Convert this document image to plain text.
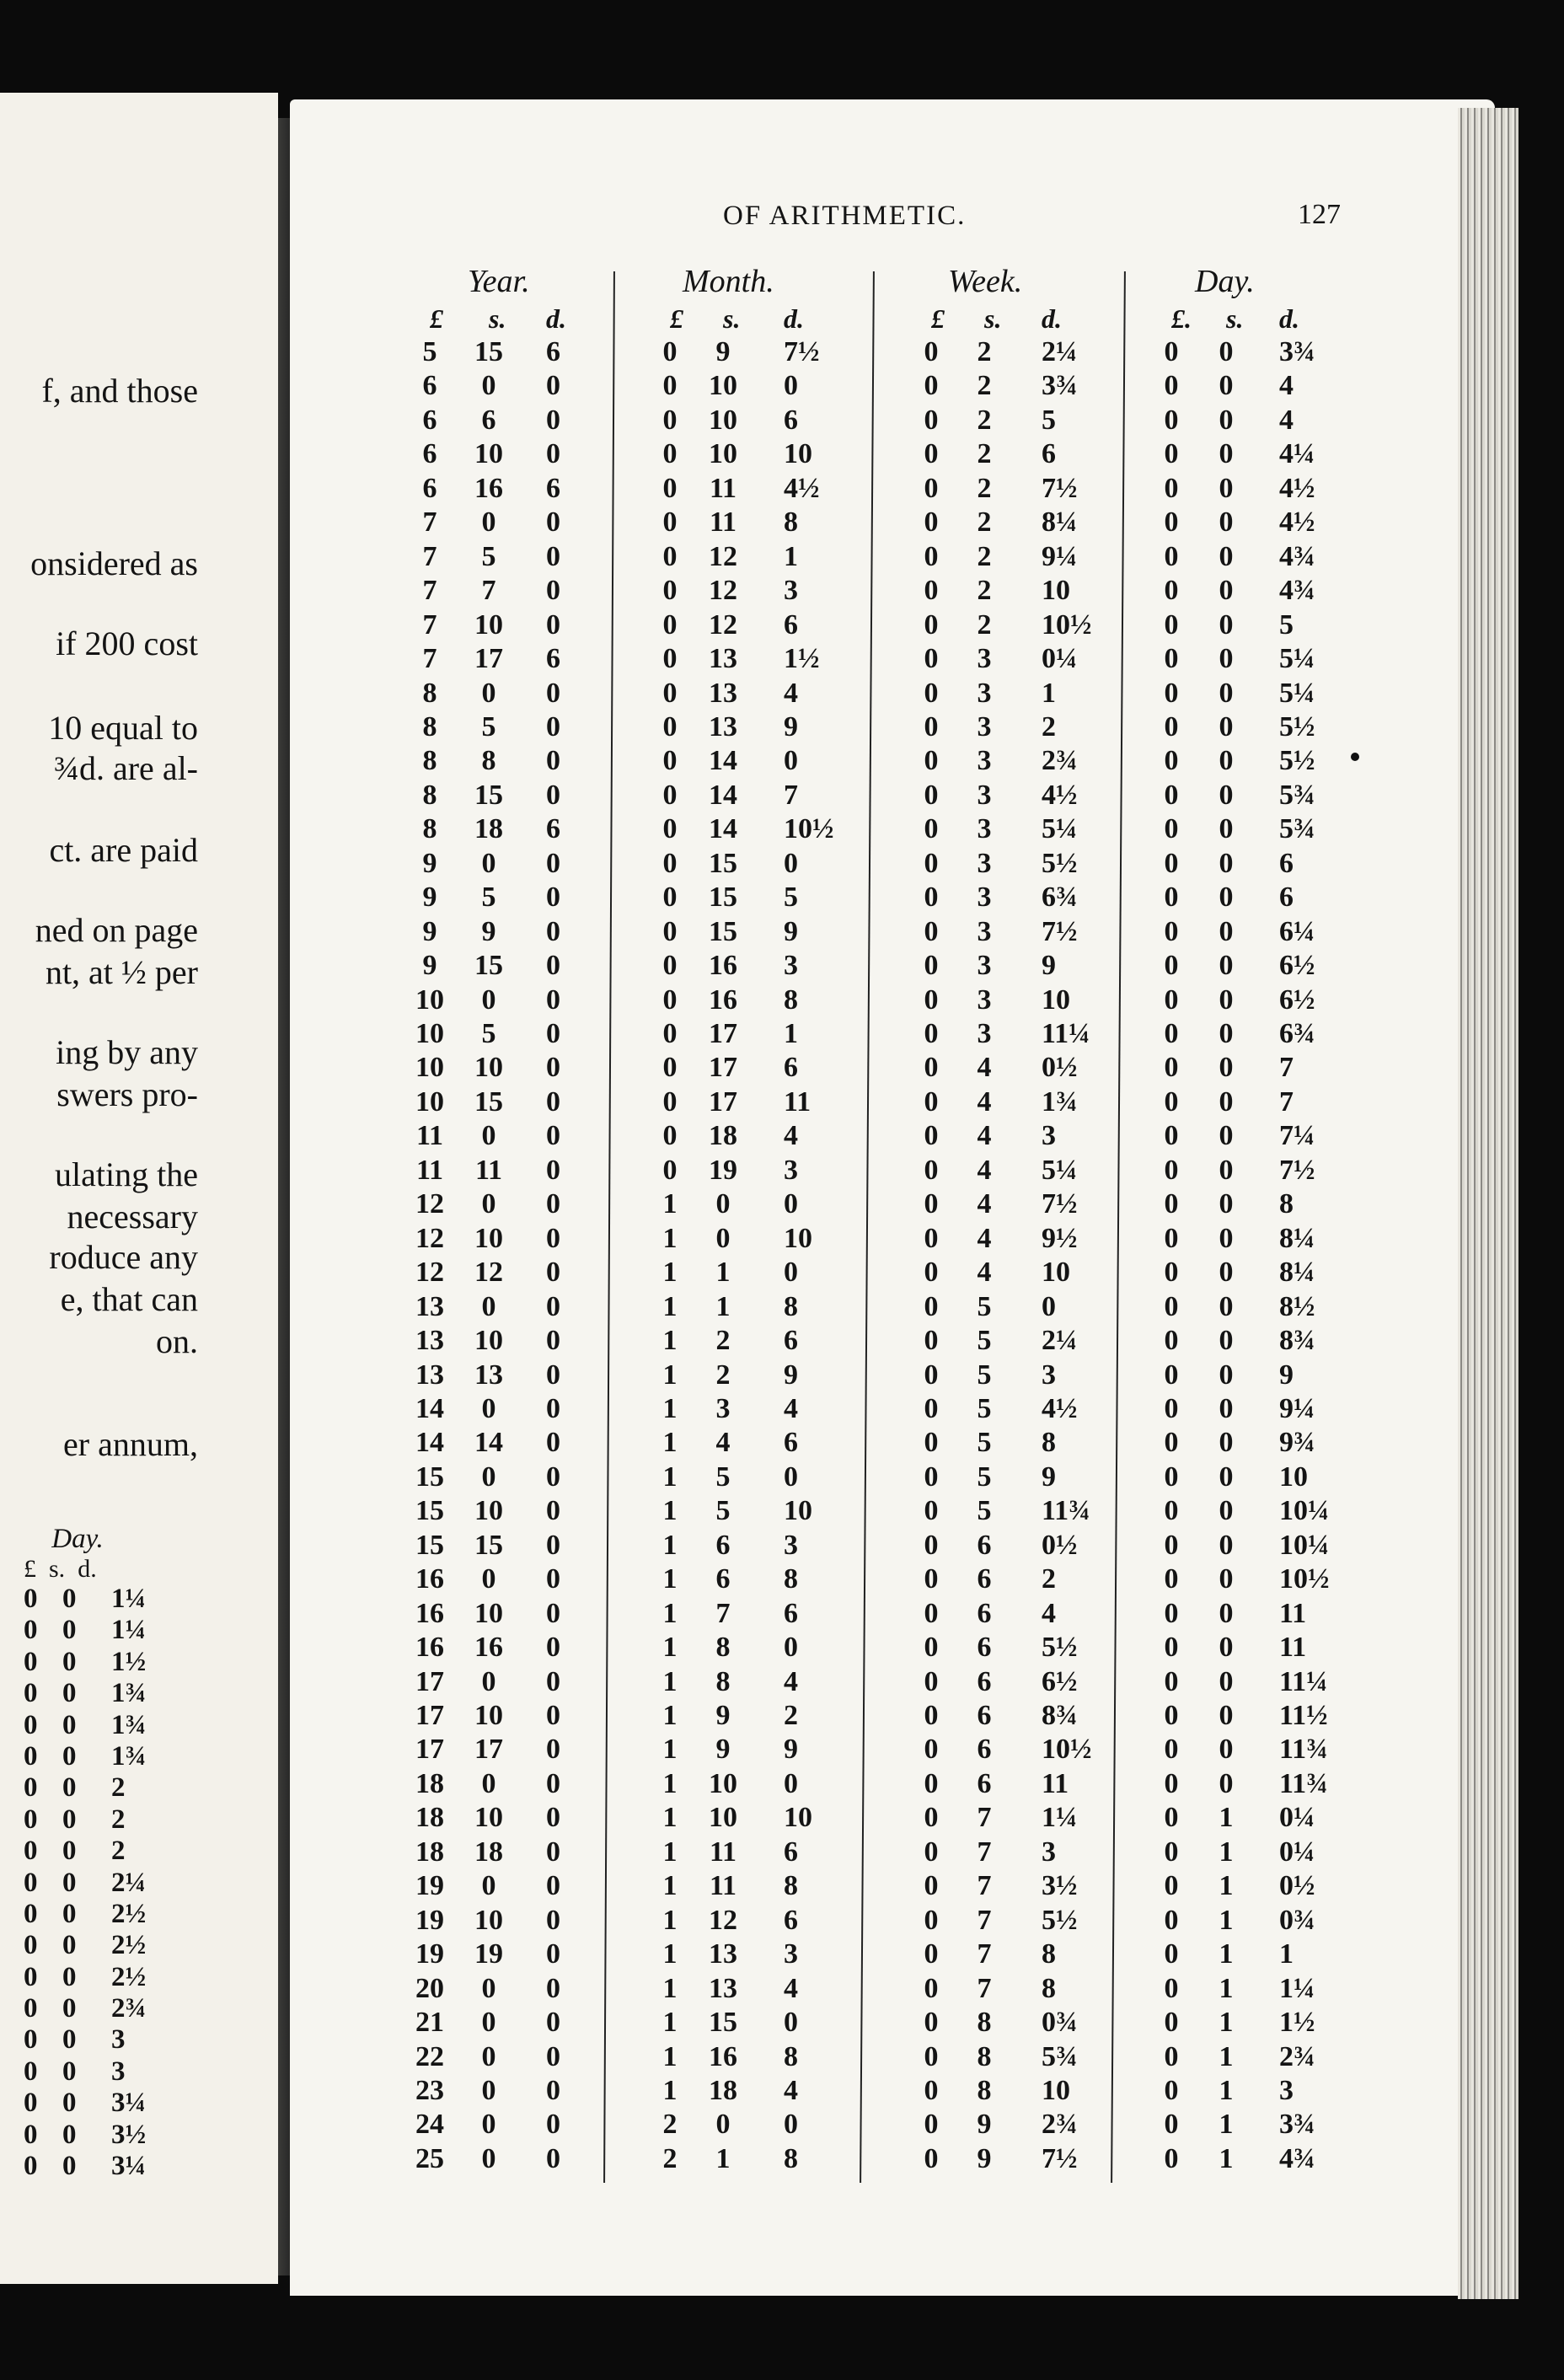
f, and those
onsidered as
if 200 cost
10 equal to
¾d. are al-
ct. are paid
ned on page
nt, at ½ per
ing by any
swers pro-
ulating the
necessary
roduce any
e, that can
on.
er annum,
Day.
£ s. d.
0 0 1¼
0 0 1¼
0 0 1½
0 0 1¾
0 0 1¾
0 0 1¾
0 0 2
0 0 2
0 0 2
0 0 2¼
0 0 2½
0 0 2½
0 0 2½
0 0 2¾
0 0 3
0 0 3
0 0 3¼
0 0 3½
0 0 3¼
OF ARITHMETIC.	127
Year.
£ s. d.
Month.
£ s. d.
Week.
£ s. d.
Day.
£. s. d.
5	15	6	0	9	7½	0	2	2¼	0	0	3¾
6	0	0	0	10	0	0	2	3¾	0	0	4
6	6	0	0	10	6	0	2	5	0	0	4
6	10	0	0	10	10	0	2	6	0	0	4¼
6	16	6	0	11	4½	0	2	7½	0	0	4½
7	0	0	0	11	8	0	2	8¼	0	0	4½
7	5	0	0	12	1	0	2	9¼	0	0	4¾
7	7	0	0	12	3	0	2	10	0	0	4¾
7	10	0	0	12	6	0	2	10½	0	0	5
7	17	6	0	13	1½	0	3	0¼	0	0	5¼
8	0	0	0	13	4	0	3	1	0	0	5¼
8	5	0	0	13	9	0	3	2	0	0	5½
8	8	0	0	14	0	0	3	2¾	0	0	5½
8	15	0	0	14	7	0	3	4½	0	0	5¾
8	18	6	0	14	10½	0	3	5¼	0	0	5¾
9	0	0	0	15	0	0	3	5½	0	0	6
9	5	0	0	15	5	0	3	6¾	0	0	6
9	9	0	0	15	9	0	3	7½	0	0	6¼
9	15	0	0	16	3	0	3	9	0	0	6½
10	0	0	0	16	8	0	3	10	0	0	6½
10	5	0	0	17	1	0	3	11¼	0	0	6¾
10	10	0	0	17	6	0	4	0½	0	0	7
10	15	0	0	17	11	0	4	1¾	0	0	7
11	0	0	0	18	4	0	4	3	0	0	7¼
11	11	0	0	19	3	0	4	5¼	0	0	7½
12	0	0	1	0	0	0	4	7½	0	0	8
12	10	0	1	0	10	0	4	9½	0	0	8¼
12	12	0	1	1	0	0	4	10	0	0	8¼
13	0	0	1	1	8	0	5	0	0	0	8½
13	10	0	1	2	6	0	5	2¼	0	0	8¾
13	13	0	1	2	9	0	5	3	0	0	9
14	0	0	1	3	4	0	5	4½	0	0	9¼
14	14	0	1	4	6	0	5	8	0	0	9¾
15	0	0	1	5	0	0	5	9	0	0	10
15	10	0	1	5	10	0	5	11¾	0	0	10¼
15	15	0	1	6	3	0	6	0½	0	0	10¼
16	0	0	1	6	8	0	6	2	0	0	10½
16	10	0	1	7	6	0	6	4	0	0	11
16	16	0	1	8	0	0	6	5½	0	0	11
17	0	0	1	8	4	0	6	6½	0	0	11¼
17	10	0	1	9	2	0	6	8¾	0	0	11½
17	17	0	1	9	9	0	6	10½	0	0	11¾
18	0	0	1	10	0	0	6	11	0	0	11¾
18	10	0	1	10	10	0	7	1¼	0	1	0¼
18	18	0	1	11	6	0	7	3	0	1	0¼
19	0	0	1	11	8	0	7	3½	0	1	0½
19	10	0	1	12	6	0	7	5½	0	1	0¾
19	19	0	1	13	3	0	7	8	0	1	1
20	0	0	1	13	4	0	7	8	0	1	1¼
21	0	0	1	15	0	0	8	0¾	0	1	1½
22	0	0	1	16	8	0	8	5¾	0	1	2¾
23	0	0	1	18	4	0	8	10	0	1	3
24	0	0	2	0	0	0	9	2¾	0	1	3¾
25	0	0	2	1	8	0	9	7½	0	1	4¾
